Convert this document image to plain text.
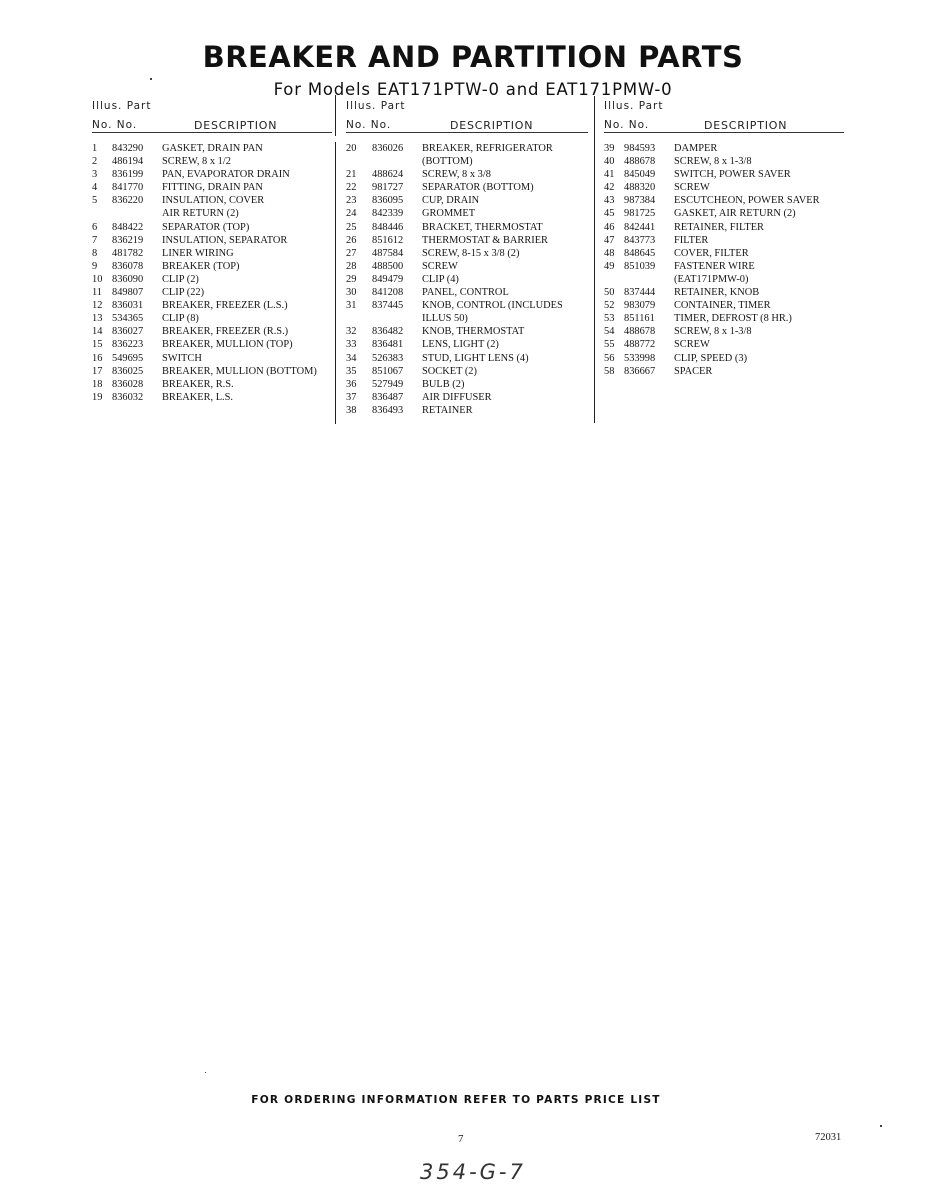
BREAKER AND PARTITION PARTS
For Models EAT171PTW-0 and EAT171PMW-0
Illus. Part
No. No.	DESCRIPTION
1	843290	GASKET, DRAIN PAN
2	486194	SCREW, 8 x 1/2
3	836199	PAN, EVAPORATOR DRAIN
4	841770	FITTING, DRAIN PAN
5	836220	INSULATION, COVER
AIR RETURN (2)
6	848422	SEPARATOR (TOP)
7	836219	INSULATION, SEPARATOR
8	481782	LINER WIRING
9	836078	BREAKER (TOP)
10 836090	CLIP (2)
11 849807	CLIP (22)
12 836031	BREAKER, FREEZER (L.S.)
13 534365	CLIP (8)
14 836027	BREAKER, FREEZER (R.S.)
15 836223	BREAKER, MULLION (TOP)
16 549695	SWITCH
17 836025	BREAKER, MULLION (BOTTOM)
18 836028	BREAKER, R.S.
19 836032	BREAKER, L.S.
Illus. Part
No. No.	DESCRIPTION
20	836026	BREAKER, REFRIGERATOR
(BOTTOM)
21	488624	SCREW, 8 x 3/8
22	981727	SEPARATOR (BOTTOM)
23	836095	CUP, DRAIN
24	842339	GROMMET
25	848446	BRACKET, THERMOSTAT
26	851612	THERMOSTAT & BARRIER
27	487584	SCREW, 8-15 x 3/8 (2)
28	488500	SCREW
29	849479	CLIP (4)
30	841208	PANEL, CONTROL
31	837445	KNOB, CONTROL (INCLUDES
ILLUS 50)
32	836482	KNOB, THERMOSTAT
33	836481	LENS, LIGHT (2)
34	526383	STUD, LIGHT LENS (4)
35	851067	SOCKET (2)
36	527949	BULB (2)
37	836487	AIR DIFFUSER
38	836493	RETAINER
Illus. Part
No. No.	DESCRIPTION
39 984593	DAMPER
40 488678	SCREW, 8 x 1-3/8
41 845049	SWITCH, POWER SAVER
42 488320	SCREW
43 987384	ESCUTCHEON, POWER SAVER
45 981725	GASKET, AIR RETURN (2)
46 842441	RETAINER, FILTER
47 843773	FILTER
48 848645	COVER, FILTER
49 851039	FASTENER WIRE
(EAT171PMW-0)
50 837444	RETAINER, KNOB
52 983079	CONTAINER, TIMER
53 851161	TIMER, DEFROST (8 HR.)
54 488678	SCREW, 8 x 1-3/8
55 488772	SCREW
56 533998	CLIP, SPEED (3)
58 836667	SPACER
FOR ORDERING INFORMATION REFER TO PARTS PRICE LIST
7	72031
354-G-7
